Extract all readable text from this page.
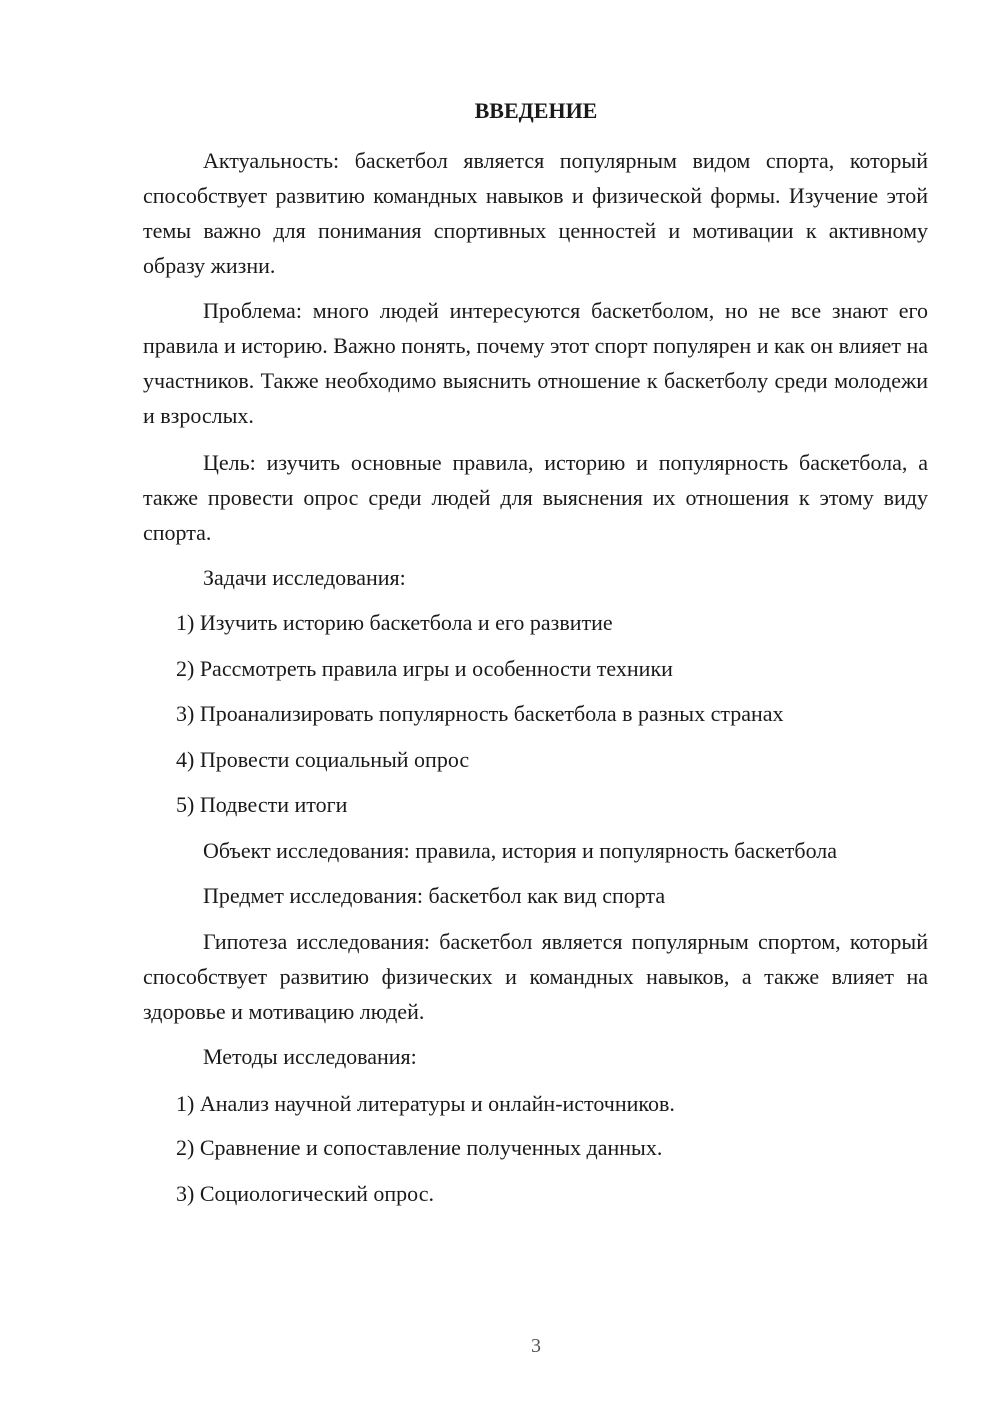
ВВЕДЕНИЕ

Актуальность: баскетбол является популярным видом спорта, который способствует развитию командных навыков и физической формы. Изучение этой темы важно для понимания спортивных ценностей и мотивации к активному образу жизни.

Проблема: много людей интересуются баскетболом, но не все знают его правила и историю. Важно понять, почему этот спорт популярен и как он влияет на участников. Также необходимо выяснить отношение к баскетболу среди молодежи и взрослых.

Цель: изучить основные правила, историю и популярность баскетбола, а также провести опрос среди людей для выяснения их отношения к этому виду спорта.

Задачи исследования:

1) Изучить историю баскетбола и его развитие

2) Рассмотреть правила игры и особенности техники

3) Проанализировать популярность баскетбола в разных странах

4) Провести социальный опрос

5) Подвести итоги

Объект исследования: правила, история и популярность баскетбола

Предмет исследования: баскетбол как вид спорта

Гипотеза исследования: баскетбол является популярным спортом, который способствует развитию физических и командных навыков, а также влияет на здоровье и мотивацию людей.

Методы исследования:

1) Анализ научной литературы и онлайн-источников.

2) Сравнение и сопоставление полученных данных.

3) Социологический опрос.

3
